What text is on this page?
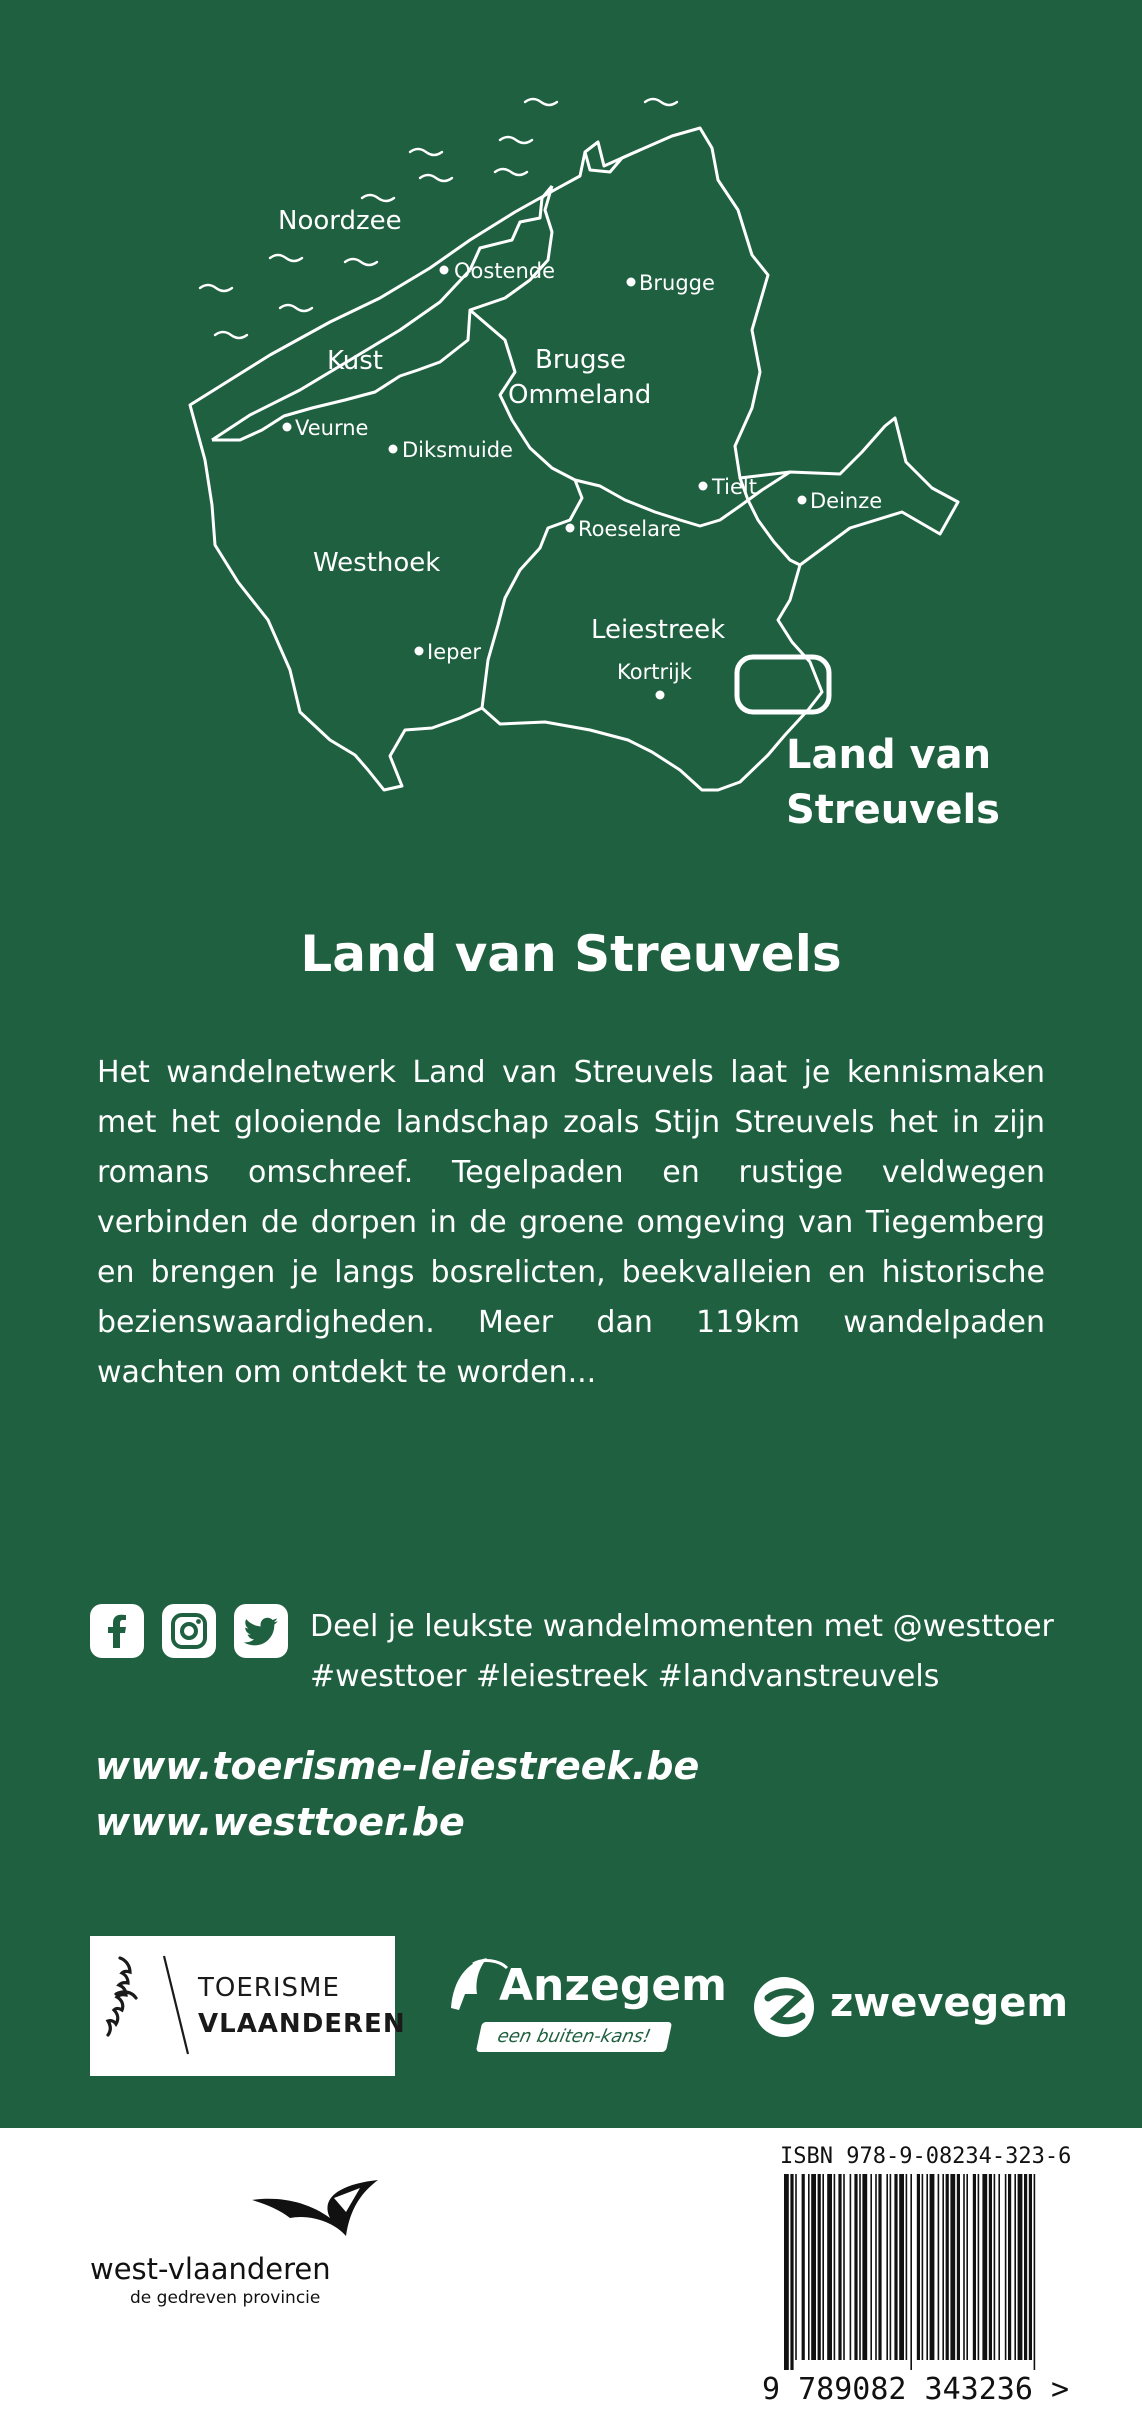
Noordzee
Kust	Brugse
Ommeland
Westhoek
Leiestreek
Oostende	Brugge
Veurne
Diksmuide
Tielt
Deinze
Roeselare
Ieper
Kortrijk
Land van
Streuvels
Land van Streuvels

Het wandelnetwerk Land van Streuvels laat je kennismaken met het glooiende landschap zoals Stijn Streuvels het in zijn romans omschreef. Tegelpaden en rustige veldwegen verbinden de dorpen in de groene omgeving van Tiegemberg en brengen je langs bosrelicten, beekvalleien en historische bezienswaardigheden. Meer dan 119km wandelpaden wachten om ontdekt te worden...

Deel je leukste wandelmomenten met @westtoer
#westtoer #leiestreek #landvanstreuvels
www.toerisme-leiestreek.be
www.westtoer.be
TOERISME
VLAANDEREN
Anzegem
een buiten-kans!
zwevegem
west-vlaanderen
de gedreven provincie
ISBN 978-9-08234-323-6
9 789082 343236 >
